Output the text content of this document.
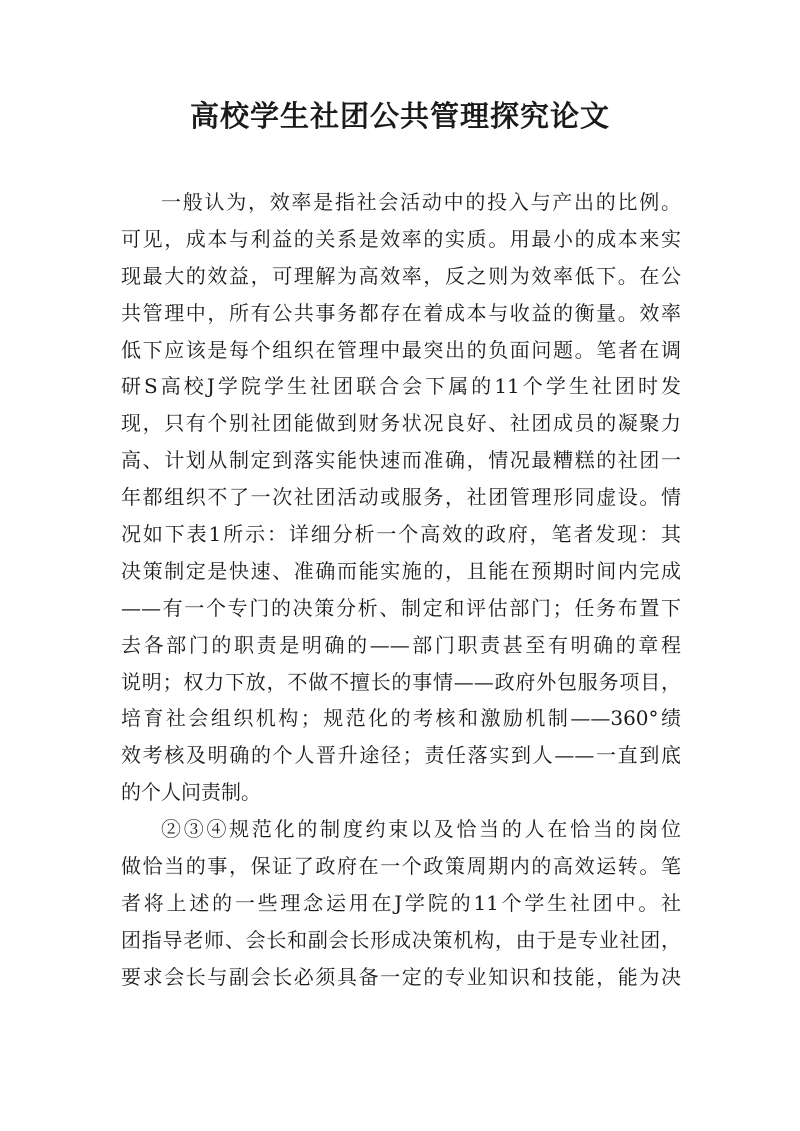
高校学生社团公共管理探究论文
一般认为，效率是指社会活动中的投入与产出的比例。
可见，成本与利益的关系是效率的实质。用最小的成本来实
现最大的效益，可理解为高效率，反之则为效率低下。在公
共管理中，所有公共事务都存在着成本与收益的衡量。效率
低下应该是每个组织在管理中最突出的负面问题。笔者在调
研S高校J学院学生社团联合会下属的11个学生社团时发
现，只有个别社团能做到财务状况良好、社团成员的凝聚力
高、计划从制定到落实能快速而准确，情况最糟糕的社团一
年都组织不了一次社团活动或服务，社团管理形同虚设。情
况如下表1所示：详细分析一个高效的政府，笔者发现：其
决策制定是快速、准确而能实施的，且能在预期时间内完成
——有一个专门的决策分析、制定和评估部门；任务布置下
去各部门的职责是明确的——部门职责甚至有明确的章程
说明；权力下放，不做不擅长的事情——政府外包服务项目，
培育社会组织机构；规范化的考核和激励机制——360°绩
效考核及明确的个人晋升途径；责任落实到人——一直到底
的个人问责制。
②③④规范化的制度约束以及恰当的人在恰当的岗位
做恰当的事，保证了政府在一个政策周期内的高效运转。笔
者将上述的一些理念运用在J学院的11个学生社团中。社
团指导老师、会长和副会长形成决策机构，由于是专业社团，
要求会长与副会长必须具备一定的专业知识和技能，能为决
